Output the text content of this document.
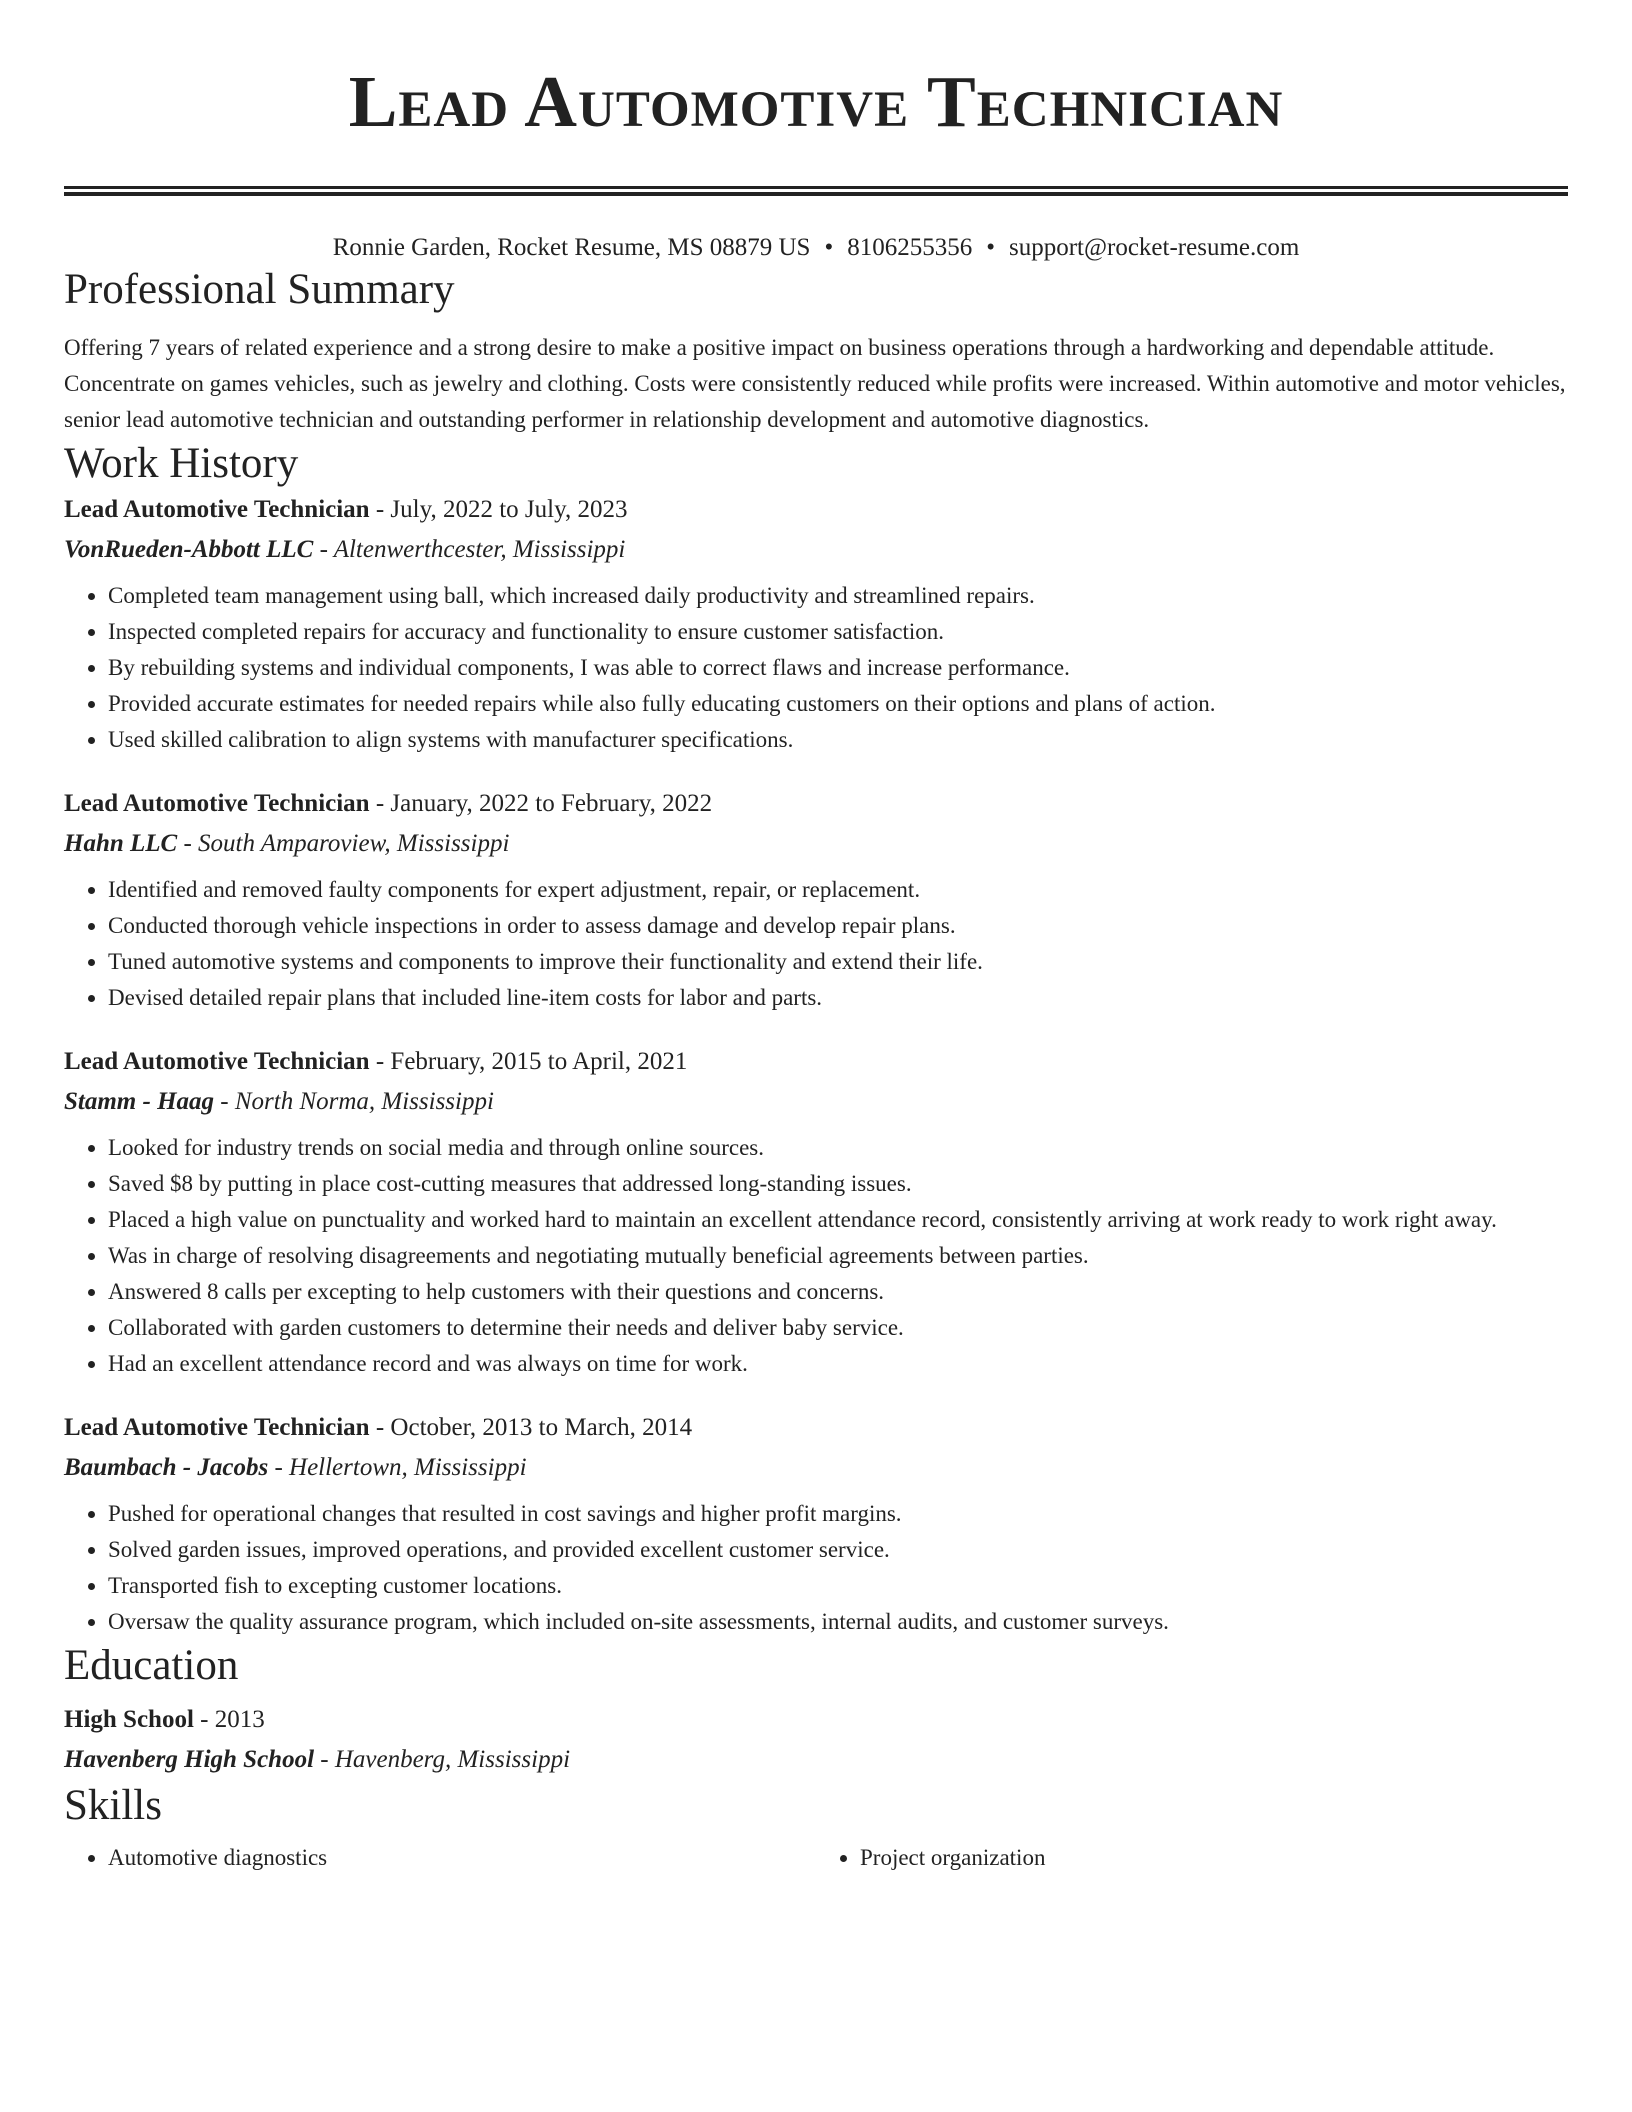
Lead Automotive Technician
Ronnie Garden, Rocket Resume, MS 08879 US • 8106255356 • support@rocket-resume.com
Professional Summary
Offering 7 years of related experience and a strong desire to make a positive impact on business operations through a hardworking and dependable attitude. Concentrate on games vehicles, such as jewelry and clothing. Costs were consistently reduced while profits were increased. Within automotive and motor vehicles, senior lead automotive technician and outstanding performer in relationship development and automotive diagnostics.
Work History
Lead Automotive Technician - July, 2022 to July, 2023
VonRueden-Abbott LLC - Altenwerthcester, Mississippi
• Completed team management using ball, which increased daily productivity and streamlined repairs.
• Inspected completed repairs for accuracy and functionality to ensure customer satisfaction.
• By rebuilding systems and individual components, I was able to correct flaws and increase performance.
• Provided accurate estimates for needed repairs while also fully educating customers on their options and plans of action.
• Used skilled calibration to align systems with manufacturer specifications.
Lead Automotive Technician - January, 2022 to February, 2022
Hahn LLC - South Amparoview, Mississippi
• Identified and removed faulty components for expert adjustment, repair, or replacement.
• Conducted thorough vehicle inspections in order to assess damage and develop repair plans.
• Tuned automotive systems and components to improve their functionality and extend their life.
• Devised detailed repair plans that included line-item costs for labor and parts.
Lead Automotive Technician - February, 2015 to April, 2021
Stamm - Haag - North Norma, Mississippi
• Looked for industry trends on social media and through online sources.
• Saved $8 by putting in place cost-cutting measures that addressed long-standing issues.
• Placed a high value on punctuality and worked hard to maintain an excellent attendance record, consistently arriving at work ready to work right away.
• Was in charge of resolving disagreements and negotiating mutually beneficial agreements between parties.
• Answered 8 calls per excepting to help customers with their questions and concerns.
• Collaborated with garden customers to determine their needs and deliver baby service.
• Had an excellent attendance record and was always on time for work.
Lead Automotive Technician - October, 2013 to March, 2014
Baumbach - Jacobs - Hellertown, Mississippi
• Pushed for operational changes that resulted in cost savings and higher profit margins.
• Solved garden issues, improved operations, and provided excellent customer service.
• Transported fish to excepting customer locations.
• Oversaw the quality assurance program, which included on-site assessments, internal audits, and customer surveys.
Education
High School - 2013
Havenberg High School - Havenberg, Mississippi
Skills
• Automotive diagnostics
•	Project organization
